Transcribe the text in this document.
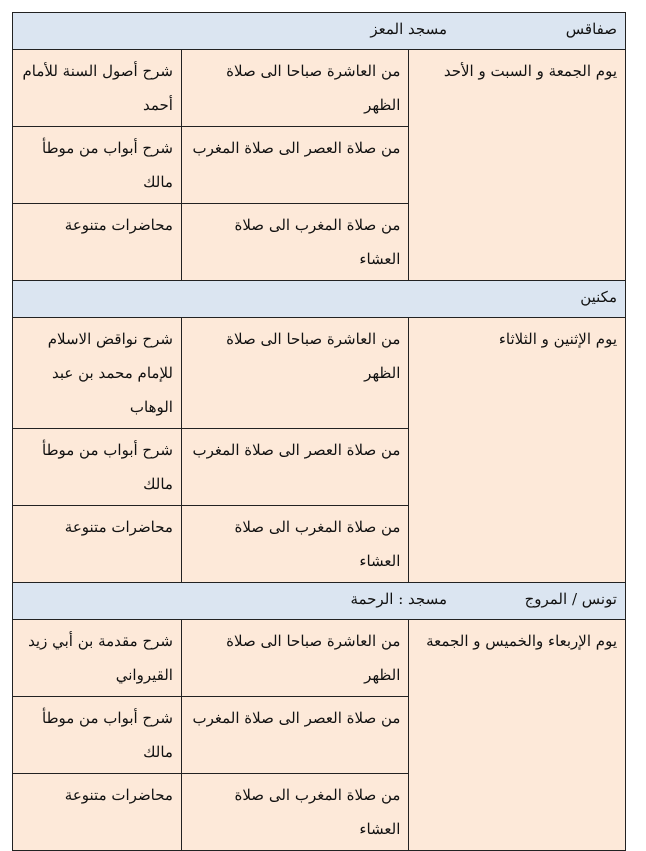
صفاقس
مسجد المعز		

يوم الجمعة و السبت و الأحد	من العاشرة صباحا الى صلاة الظهر	شرح أصول السنة للأمام أحمد
	من صلاة العصر الى صلاة المغرب	شرح أبواب من موطأ مالك
	من صلاة المغرب الى صلاة العشاء	محاضرات متنوعة

مكنين		

يوم الإثنين و الثلاثاء	من العاشرة صباحا الى صلاة الظهر	شرح نواقض الاسلام للإمام محمد بن عبد الوهاب
	من صلاة العصر الى صلاة المغرب	شرح أبواب من موطأ مالك
	من صلاة المغرب الى صلاة العشاء	محاضرات متنوعة

تونس / المروج
مسجد : الرحمة		

يوم الإربعاء والخميس و الجمعة	من العاشرة صباحا الى صلاة الظهر	شرح مقدمة بن أبي زيد القيرواني
	من صلاة العصر الى صلاة المغرب	شرح أبواب من موطأ مالك
	من صلاة المغرب الى صلاة العشاء	محاضرات متنوعة
